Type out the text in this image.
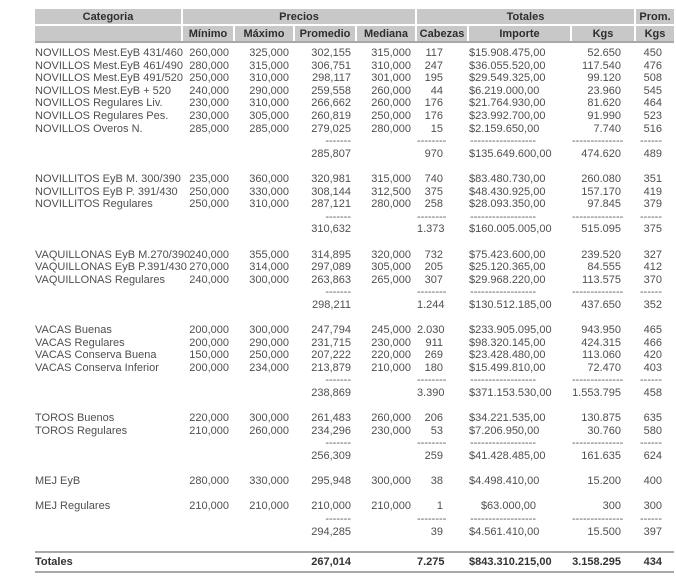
Categoria	Precios				Totales			Prom.
	Mínimo	Máximo	Promedio	Mediana	Cabezas	Importe	Kgs	Kgs

NOVILLOS Mest.EyB 431/460	260,000	325,000	302,155	315,000	117	$15.908.475,00	52.650	450
NOVILLOS Mest.EyB 461/490	280,000	315,000	306,751	310,000	247	$36.055.520,00	117.540	476
NOVILLOS Mest.EyB 491/520	250,000	310,000	298,117	301,000	195	$29.549.325,00	99.120	508
NOVILLOS Mest.EyB + 520	240,000	290,000	259,558	260,000	44	$6.219.000,00	23.960	545
NOVILLOS Regulares Liv.	230,000	310,000	266,662	260,000	176	$21.764.930,00	81.620	464
NOVILLOS Regulares Pes.	230,000	305,000	260,819	250,000	176	$23.992.700,00	91.990	523
NOVILLOS Overos N.	285,000	285,000	279,025	280,000	15	$2.159.650,00	7.740	516
			-------		--------	------------------	--------------	------
			285,807		970	$135.649.600,00	474.620	489

NOVILLITOS EyB M. 300/390	235,000	360,000	320,981	315,000	740	$83.480.730,00	260.080	351
NOVILLITOS EyB P. 391/430	250,000	330,000	308,144	312,500	375	$48.430.925,00	157.170	419
NOVILLITOS Regulares	250,000	310,000	287,121	280,000	258	$28.093.350,00	97.845	379
			-------		--------	------------------	--------------	------
			310,632		1.373	$160.005.005,00	515.095	375

VAQUILLONAS EyB M.270/390	240,000	355,000	314,895	320,000	732	$75.423.600,00	239.520	327
VAQUILLONAS EyB P.391/430	270,000	314,000	297,089	305,000	205	$25.120.365,00	84.555	412
VAQUILLONAS Regulares	240,000	300,000	263,863	265,000	307	$29.968.220,00	113.575	370
			-------		--------	------------------	--------------	------
			298,211		1.244	$130.512.185,00	437.650	352

VACAS Buenas	200,000	300,000	247,794	245,000	2.030	$233.905.095,00	943.950	465
VACAS Regulares	200,000	290,000	231,715	230,000	911	$98.320.145,00	424.315	466
VACAS Conserva Buena	150,000	250,000	207,222	220,000	269	$23.428.480,00	113.060	420
VACAS Conserva Inferior	200,000	234,000	213,879	210,000	180	$15.499.810,00	72.470	403
			-------		--------	------------------	--------------	------
			238,869		3.390	$371.153.530,00	1.553.795	458

TOROS Buenos	220,000	300,000	261,483	260,000	206	$34.221.535,00	130.875	635
TOROS Regulares	210,000	260,000	234,296	230,000	53	$7.206.950,00	30.760	580
			-------		--------	------------------	--------------	------
			256,309		259	$41.428.485,00	161.635	624

MEJ EyB	280,000	330,000	295,948	300,000	38	$4.498.410,00	15.200	400

MEJ Regulares	210,000	210,000	210,000	210,000	1	$63.000,00	300	300
			-------		--------	------------------	--------------	------
			294,285		39	$4.561.410,00	15.500	397

Totales			267,014		7.275	$843.310.215,00	3.158.295	434
